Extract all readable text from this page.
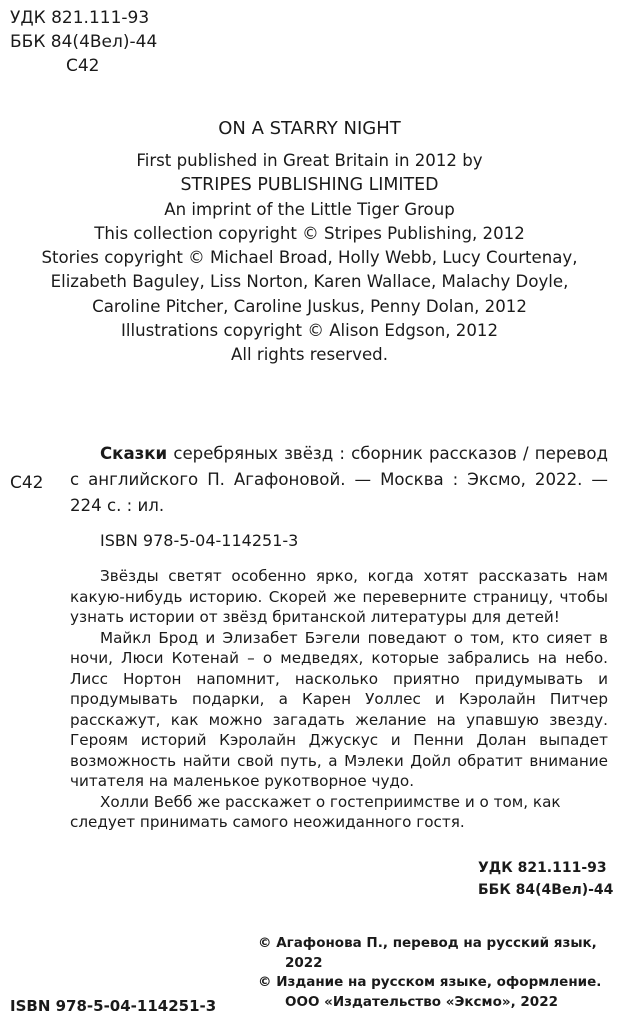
УДК 821.111-93
ББК 84(4Вел)-44
С42
ON A STARRY NIGHT
First published in Great Britain in 2012 by
STRIPES PUBLISHING LIMITED
An imprint of the Little Tiger Group
This collection copyright © Stripes Publishing, 2012
Stories copyright © Michael Broad, Holly Webb, Lucy Courtenay,
Elizabeth Baguley, Liss Norton, Karen Wallace, Malachy Doyle,
Caroline Pitcher, Caroline Juskus, Penny Dolan, 2012
Illustrations copyright © Alison Edgson, 2012
All rights reserved.
С42
Сказки серебряных звёзд : сборник рассказов / перевод с английского П. Агафоновой. — Москва : Эксмо, 2022. — 224 с. : ил.
ISBN 978-5-04-114251-3

Звёзды светят особенно ярко, когда хотят рассказать нам какую-нибудь историю. Скорей же переверните страницу, чтобы узнать истории от звёзд британской литературы для детей!

Майкл Брод и Элизабет Бэгели поведают о том, кто сияет в ночи, Люси Котенай – о медведях, которые забрались на небо. Лисс Нортон напомнит, насколько приятно придумывать и продумывать подарки, а Карен Уоллес и Кэролайн Питчер расскажут, как можно загадать желание на упавшую звезду. Героям историй Кэролайн Джускус и Пенни Долан выпадет возможность найти свой путь, а Мэлеки Дойл обратит внимание читателя на маленькое рукотворное чудо.

Холли Вебб же расскажет о гостеприимстве и о том, как следует принимать самого неожиданного гостя.

УДК 821.111-93
ББК 84(4Вел)-44
© Агафонова П., перевод на русский язык,
2022
© Издание на русском языке, оформление.
ООО «Издательство «Эксмо», 2022
ISBN 978-5-04-114251-3
